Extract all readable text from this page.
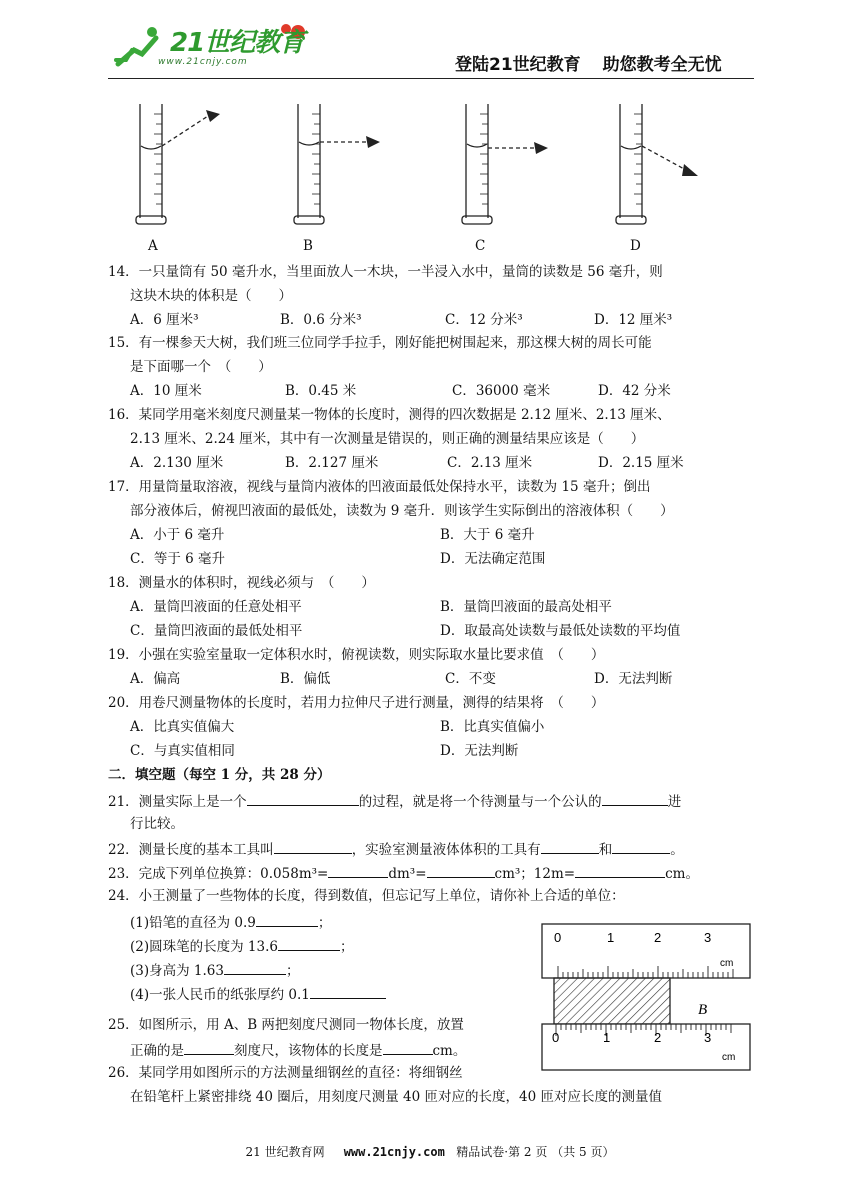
21世纪教育
www.21cnjy.com	登陆21世纪教育 助您教考全无忧
A	B	C	D
14．一只量筒有 50 毫升水，当里面放人一木块，一半浸入水中，量筒的读数是 56 毫升，则
这块木块的体积是（　　）
A．6 厘米³	B．0.6 分米³	C．12 分米³	D．12 厘米³
15．有一棵参天大树，我们班三位同学手拉手，刚好能把树围起来，那这棵大树的周长可能
是下面哪一个　（　　）
A．10 厘米	B．0.45 米	C．36000 毫米	D．42 分米
16．某同学用毫米刻度尺测量某一物体的长度时，测得的四次数据是 2.12 厘米、2.13 厘米、
2.13 厘米、2.24 厘米，其中有一次测量是错误的，则正确的测量结果应该是（　　）
A．2.130 厘米	B．2.127 厘米	C．2.13 厘米	D．2.15 厘米
17．用量筒量取溶液，视线与量筒内液体的凹液面最低处保持水平，读数为 15 毫升；倒出
部分液体后，俯视凹液面的最低处，读数为 9 毫升．则该学生实际倒出的溶液体积（　　）
A．小于 6 毫升	B．大于 6 毫升
C．等于 6 毫升	D．无法确定范围
18．测量水的体积时，视线必须与　（　　）
A．量筒凹液面的任意处相平	B．量筒凹液面的最高处相平
C．量筒凹液面的最低处相平	D．取最高处读数与最低处读数的平均值
19．小强在实验室量取一定体积水时，俯视读数，则实际取水量比要求值　（　　）
A．偏高	B．偏低	C．不变	D．无法判断
20．用卷尺测量物体的长度时，若用力拉伸尺子进行测量，测得的结果将　（　　）
A．比真实值偏大	B．比真实值偏小
C．与真实值相同	D．无法判断
二．填空题（每空 1 分，共 28 分）
21．测量实际上是一个	的过程，就是将一个待测量与一个公认的	进
行比较。
22．测量长度的基本工具叫	，实验室测量液体体积的工具有	和	。
23．完成下列单位换算：0.058m³=	dm³=	cm³；12m=	cm。
24．小王测量了一些物体的长度，得到数值，但忘记写上单位，请你补上合适的单位：
(1)铅笔的直径为 0.9	；
(2)圆珠笔的长度为 13.6	；
(3)身高为 1.63	；
(4)一张人民币的纸张厚约 0.1
25．如图所示，用 A、B 两把刻度尺测同一物体长度，放置
正确的是	刻度尺，该物体的长度是	cm。
26．某同学用如图所示的方法测量细钢丝的直径：将细钢丝
在铅笔杆上紧密排绕 40 圈后，用刻度尺测量 40 匝对应的长度，40 匝对应长度的测量值
0	1	2	3
cm
B
0	1	2	3
cm
21 世纪教育网 www.21cnjy.com 精品试卷·第 2 页 （共 5 页）
